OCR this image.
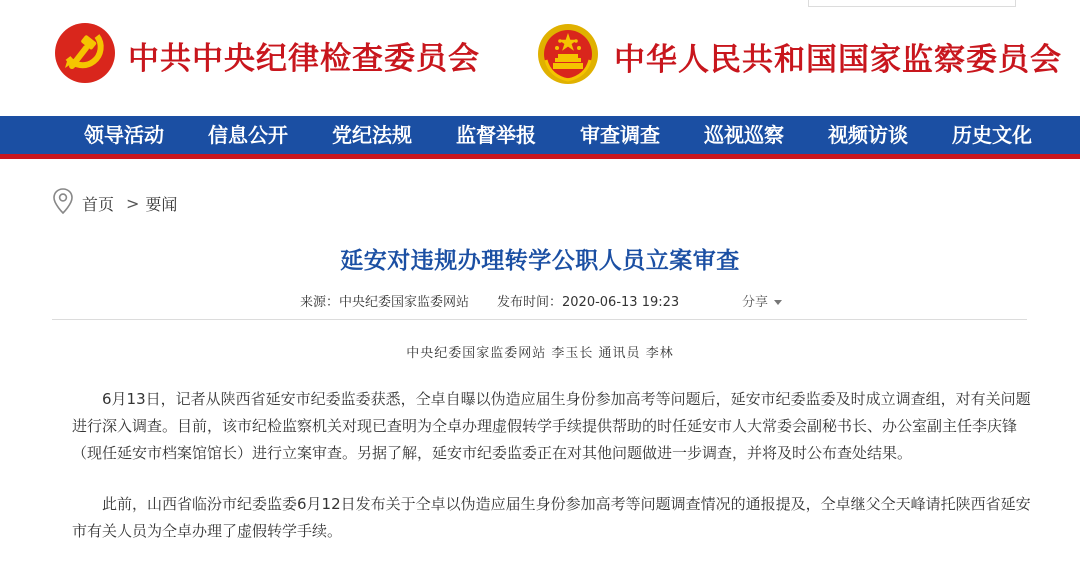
中共中央纪律检查委员会	中华人民共和国国家监察委员会
领导活动	信息公开	党纪法规	监督举报	审查调查	巡视巡察	视频访谈	历史文化
首页 > 要闻
延安对违规办理转学公职人员立案审查
来源：中央纪委国家监委网站 发布时间：2020-06-13 19:23	分享
中央纪委国家监委网站 李玉长 通讯员 李林

6月13日，记者从陕西省延安市纪委监委获悉，仝卓自曝以伪造应届生身份参加高考等问题后，延安市纪委监委及时成立调查组，对有关问题进行深入调查。目前，该市纪检监察机关对现已查明为仝卓办理虚假转学手续提供帮助的时任延安市人大常委会副秘书长、办公室副主任李庆锋（现任延安市档案馆馆长）进行立案审查。另据了解，延安市纪委监委正在对其他问题做进一步调查，并将及时公布查处结果。

此前，山西省临汾市纪委监委6月12日发布关于仝卓以伪造应届生身份参加高考等问题调查情况的通报提及，仝卓继父仝天峰请托陕西省延安市有关人员为仝卓办理了虚假转学手续。
